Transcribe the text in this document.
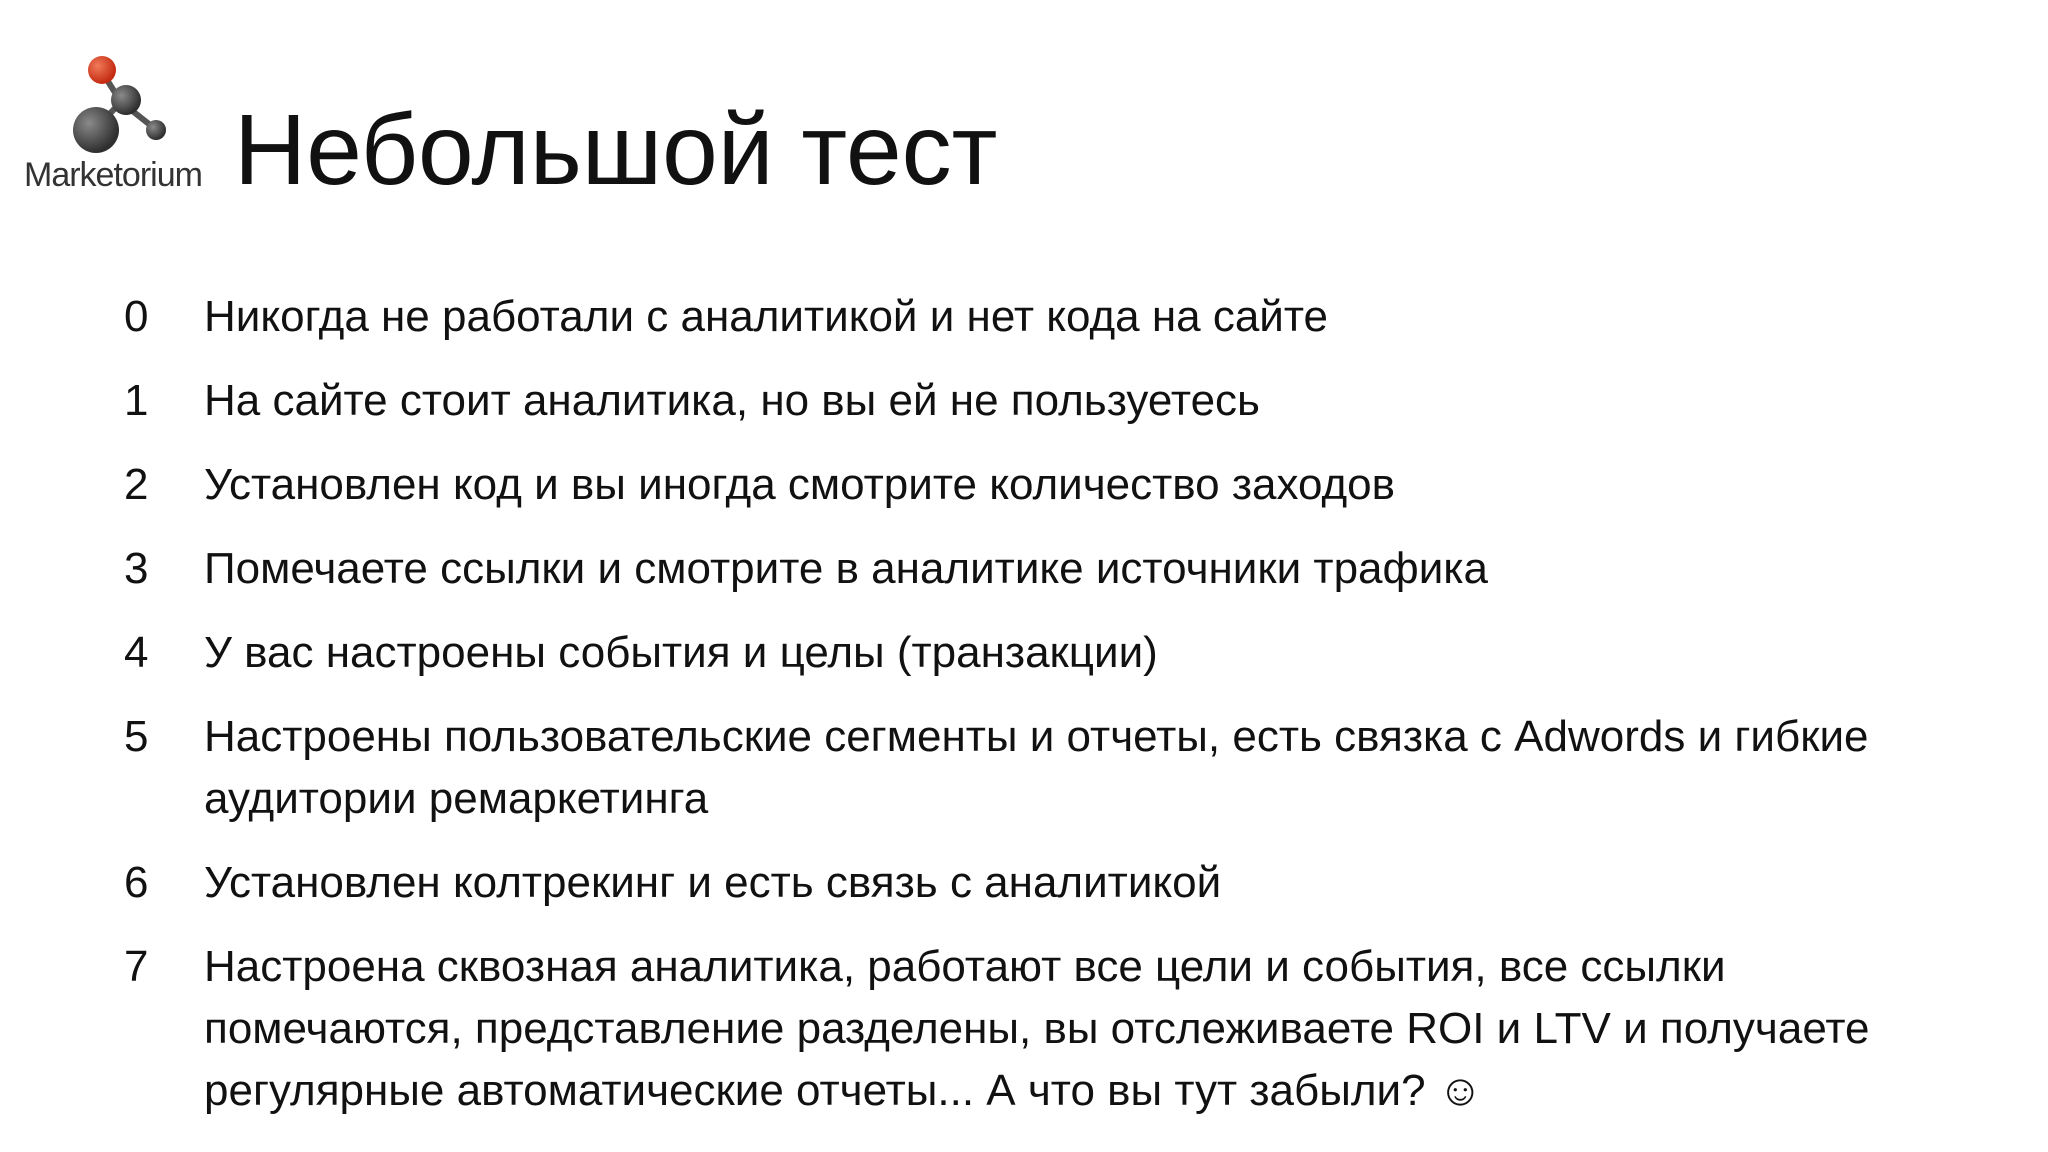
Marketorium Небольшой тест
0	Никогда не работали с аналитикой и нет кода на сайте
1	На сайте стоит аналитика, но вы ей не пользуетесь
2	Установлен код и вы иногда смотрите количество заходов
3	Помечаете ссылки и смотрите в аналитике источники трафика
4	У вас настроены события и целы (транзакции)
5	Настроены пользовательские сегменты и отчеты, есть связка с Adwords и гибкие аудитории ремаркетинга
6	Установлен колтрекинг и есть связь с аналитикой
7	Настроена сквозная аналитика, работают все цели и события, все ссылки помечаются, представление разделены, вы отслеживаете ROI и LTV и получаете регулярные автоматические отчеты... А что вы тут забыли? ☺
